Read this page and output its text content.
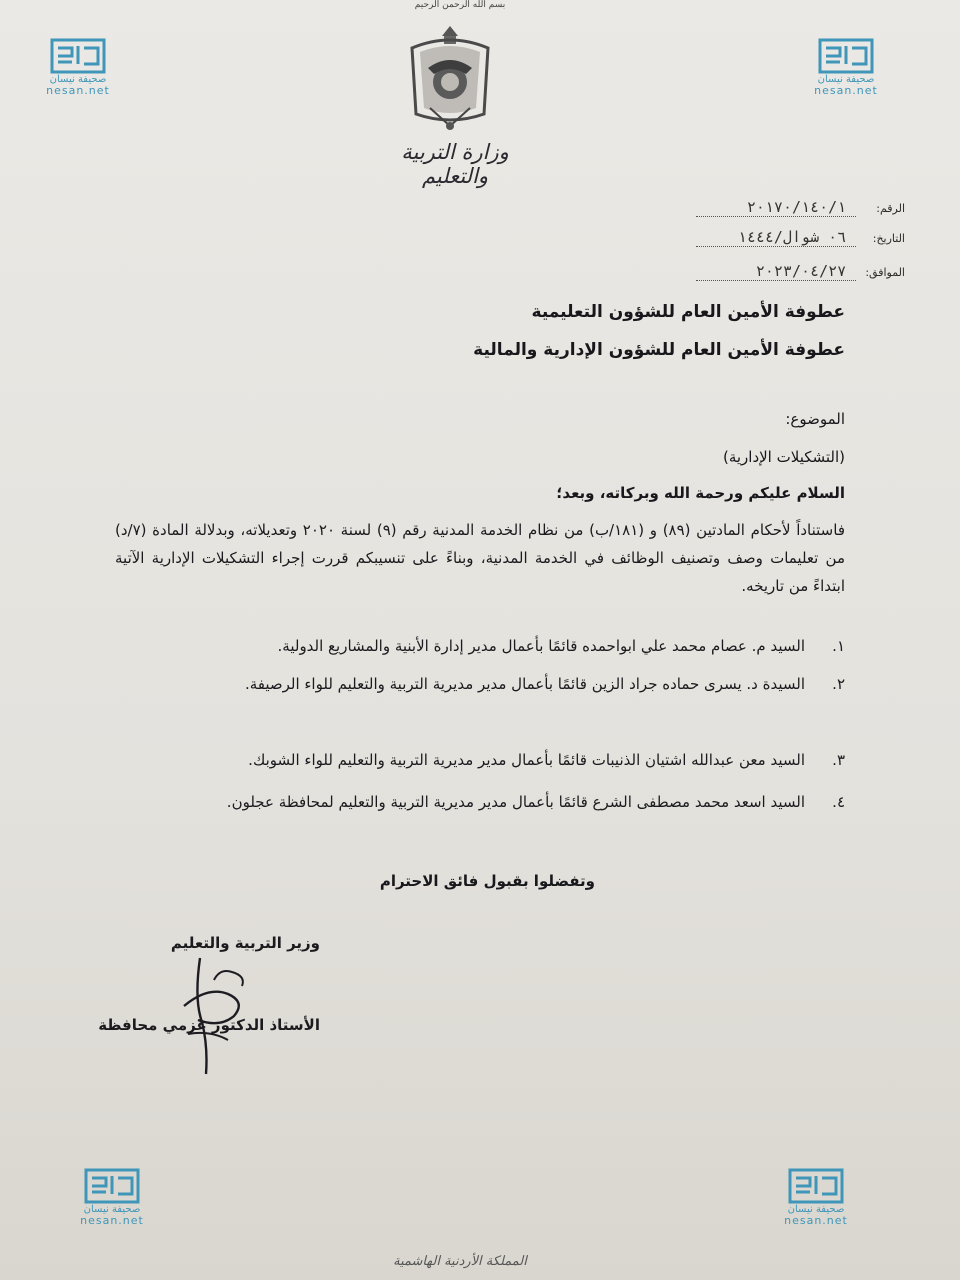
بسم الله الرحمن الرحيم
وزارة التربية والتعليم
صحيفة نيسان
nesan.net
صحيفة نيسان
nesan.net
صحيفة نيسان
nesan.net
صحيفة نيسان
nesan.net
الرقم: ٢٠١٧٠/١٤٠/١
التاريخ: ٠٦ شوال/١٤٤٤
الموافق: ٢٠٢٣/٠٤/٢٧
عطوفة الأمين العام للشؤون التعليمية
عطوفة الأمين العام للشؤون الإدارية والمالية
الموضوع:
(التشكيلات الإدارية)
السلام عليكم ورحمة الله وبركاته، وبعد؛
فاستناداً لأحكام المادتين (٨٩) و (١٨١/ب) من نظام الخدمة المدنية رقم (٩) لسنة ٢٠٢٠ وتعديلاته، وبدلالة المادة (٧/د) من تعليمات وصف وتصنيف الوظائف في الخدمة المدنية، وبناءً على تنسيبكم قررت إجراء التشكيلات الإدارية الآتية ابتداءً من تاريخه.
١.السيد م. عصام محمد علي ابواحمده قائمًا بأعمال مدير إدارة الأبنية والمشاريع الدولية.
٢.السيدة د. يسرى حماده جراد الزين قائمًا بأعمال مدير مديرية التربية والتعليم للواء الرصيفة.
٣.السيد معن عبدالله اشتيان الذنيبات قائمًا بأعمال مدير مديرية التربية والتعليم للواء الشوبك.
٤.السيد اسعد محمد مصطفى الشرع قائمًا بأعمال مدير مديرية التربية والتعليم لمحافظة عجلون.
وتفضلوا بقبول فائق الاحترام
وزير التربية والتعليم
الأستاذ الدكتور عزمي محافظة
المملكة الأردنية الهاشمية
